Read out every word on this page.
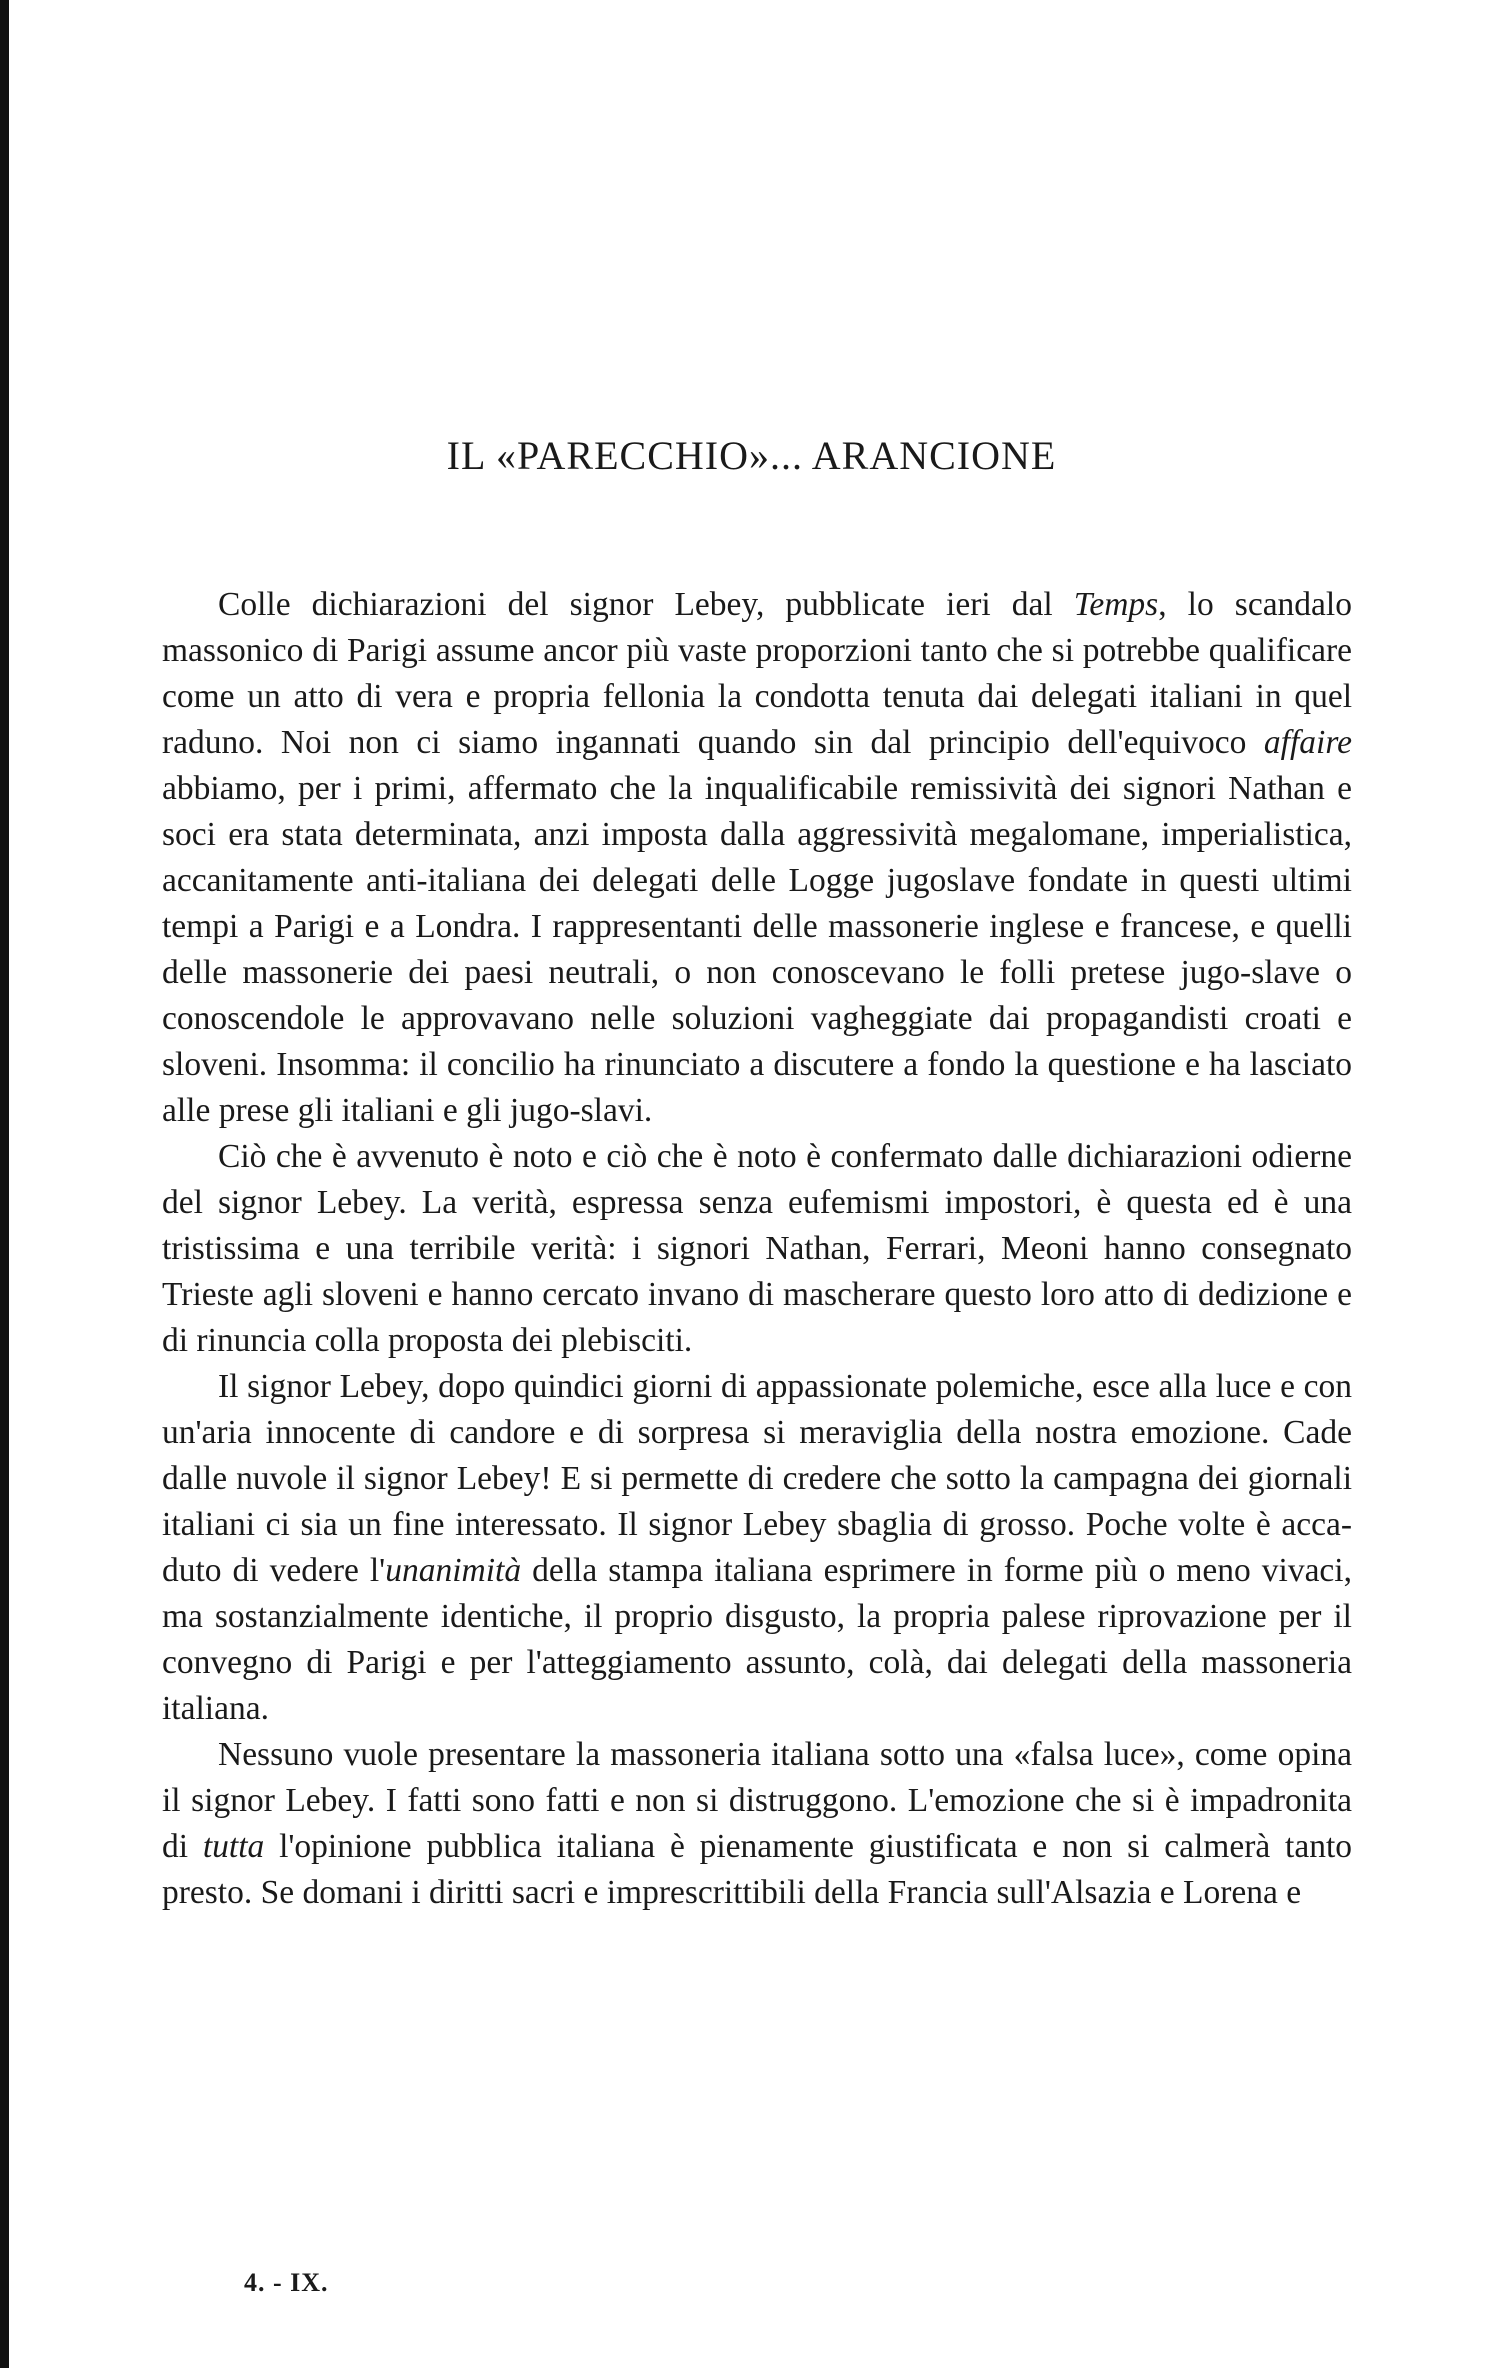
IL «PARECCHIO»... ARANCIONE

Colle dichiarazioni del signor Lebey, pubblicate ieri dal Temps, lo scandalo massonico di Parigi assume ancor più vaste proporzioni tanto che si potrebbe qualificare come un atto di vera e propria fellonia la condotta tenuta dai delegati italiani in quel raduno. Noi non ci siamo ingannati quando sin dal principio dell'equivoco affaire abbiamo, per i primi, affermato che la inqualificabile remissività dei signori Nathan e soci era stata determinata, anzi imposta dalla aggressività megalomane, imperialistica, accanitamente anti-italiana dei delegati delle Logge jugoslave fondate in questi ultimi tempi a Parigi e a Londra. I rappresentanti delle massonerie inglese e francese, e quelli delle massonerie dei paesi neutrali, o non conoscevano le folli pretese jugo-slave o conoscendole le approvavano nelle soluzioni vagheggiate dai propagandisti croati e sloveni. Insomma: il concilio ha rinunciato a discutere a fondo la questione e ha lasciato alle prese gli italiani e gli jugo-slavi.

Ciò che è avvenuto è noto e ciò che è noto è confermato dalle dichiarazioni odierne del signor Lebey. La verità, espressa senza eufemismi impostori, è questa ed è una tristissima e una terribile verità: i signori Nathan, Ferrari, Meoni hanno consegnato Trieste agli sloveni e hanno cercato invano di mascherare questo loro atto di dedizione e di rinuncia colla proposta dei plebisciti.

Il signor Lebey, dopo quindici giorni di appassionate polemiche, esce alla luce e con un'aria innocente di candore e di sorpresa si meraviglia della nostra emozione. Cade dalle nuvole il signor Lebey! E si permette di credere che sotto la campagna dei giornali italiani ci sia un fine interessato. Il signor Lebey sbaglia di grosso. Poche volte è accaduto di vedere l'unanimità della stampa italiana esprimere in forme più o meno vivaci, ma sostanzialmente identiche, il proprio disgusto, la propria palese riprovazione per il convegno di Parigi e per l'atteggiamento assunto, colà, dai delegati della massoneria italiana.

Nessuno vuole presentare la massoneria italiana sotto una «falsa luce», come opina il signor Lebey. I fatti sono fatti e non si distruggono. L'emozione che si è impadronita di tutta l'opinione pubblica italiana è pienamente giustificata e non si calmerà tanto presto. Se domani i diritti sacri e imprescrittibili della Francia sull'Alsazia e Lorena e

4. - IX.
